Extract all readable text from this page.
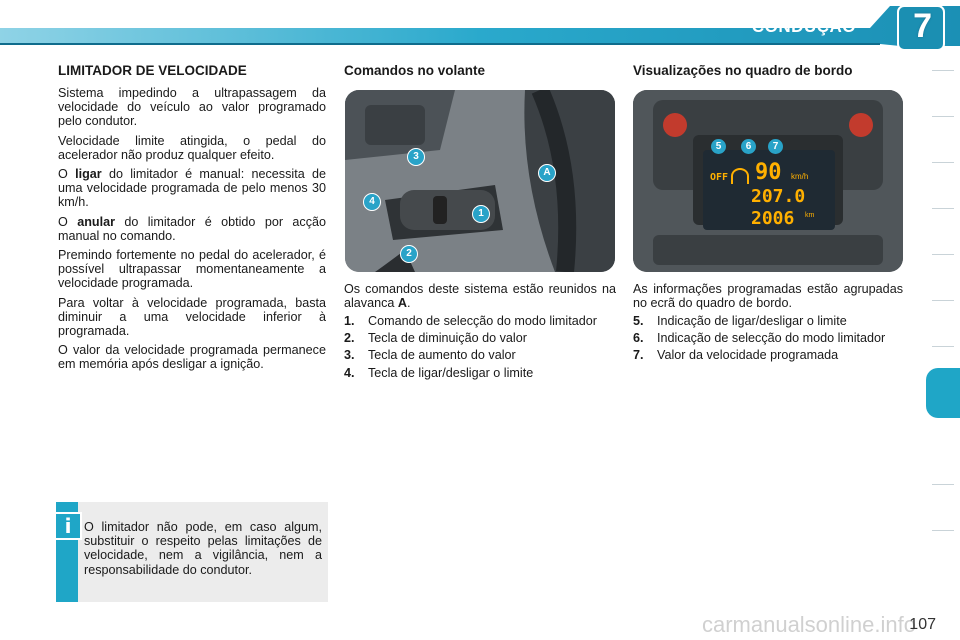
CONDUÇÃO 7
LIMITADOR DE VELOCIDADE

Sistema impedindo a ultrapassagem da velocidade do veículo ao valor programado pelo condutor.

Velocidade limite atingida, o pedal do acelerador não produz qualquer efeito.

O ligar do limitador é manual: necessita de uma velocidade programada de pelo menos 30 km/h.

O anular do limitador é obtido por acção manual no comando.

Premindo fortemente no pedal do acelerador, é possível ultrapassar momentaneamente a velocidade programada.

Para voltar à velocidade programada, basta diminuir a uma velocidade inferior à programada.

O valor da velocidade programada permanece em memória após desligar a ignição.

i O limitador não pode, em caso algum, substituir o respeito pelas limitações de velocidade, nem a vigilância, nem a responsabilidade do condutor.
Comandos no volante
1
2
3
4
A

Os comandos deste sistema estão reunidos na alavanca A.

1.	Comando de selecção do modo limitador
2.	Tecla de diminuição do valor
3.	Tecla de aumento do valor
4.	Tecla de ligar/desligar o limite
Visualizações no quadro de bordo
OFF 90 km/h
207.0
2006 km
5	6	7

As informações programadas estão agrupadas no ecrã do quadro de bordo.

5.	Indicação de ligar/desligar o limite
6.	Indicação de selecção do modo limitador
7.	Valor da velocidade programada
carmanualsonline.info
107
